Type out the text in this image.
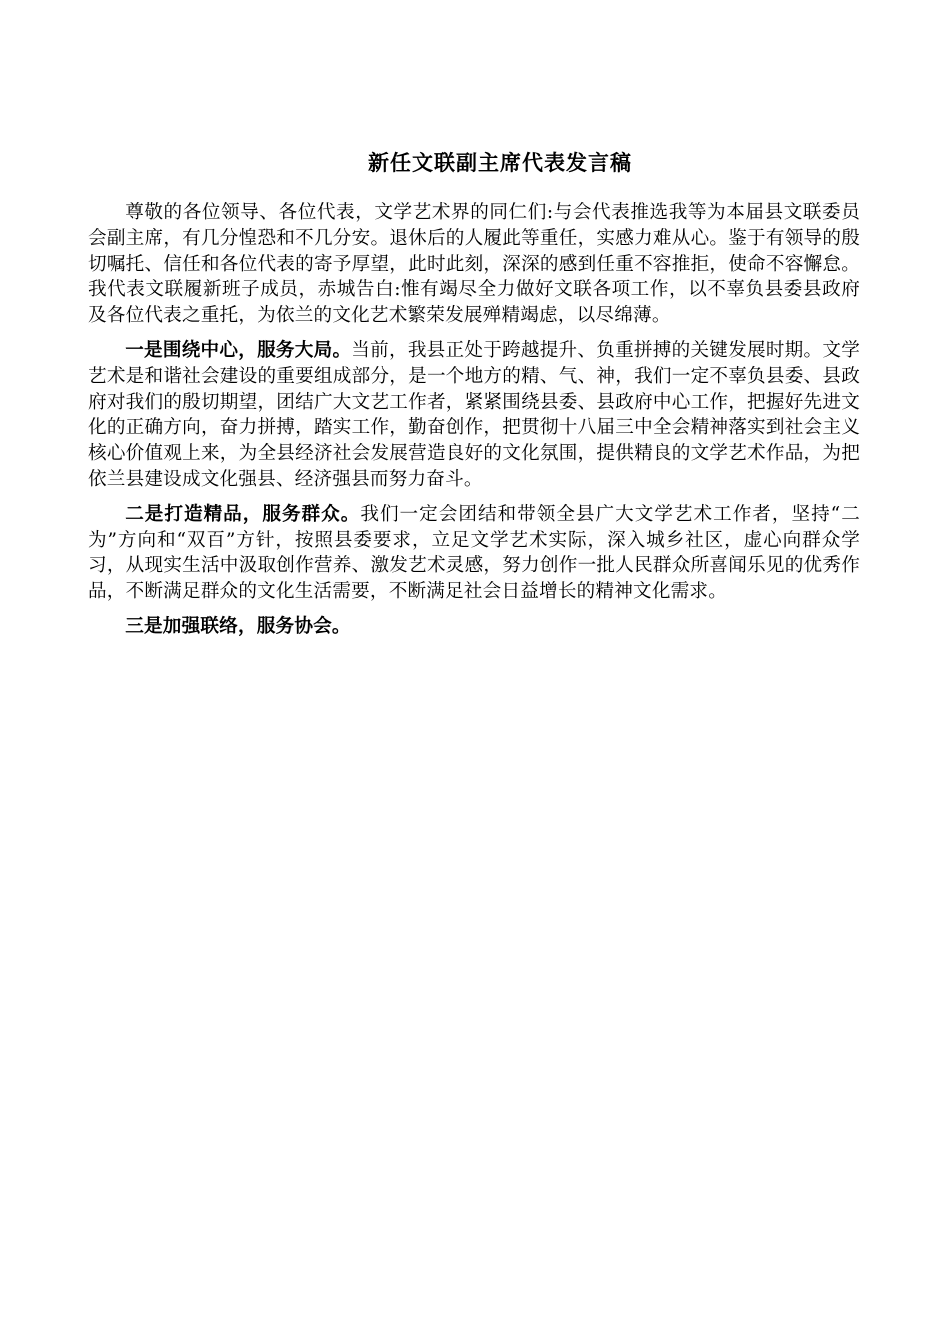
新任文联副主席代表发言稿

尊敬的各位领导、各位代表，文学艺术界的同仁们:与会代表推选我等为本届县文联委员会副主席，有几分惶恐和不几分安。退休后的人履此等重任，实感力难从心。鉴于有领导的殷切嘱托、信任和各位代表的寄予厚望，此时此刻，深深的感到任重不容推拒，使命不容懈怠。我代表文联履新班子成员，赤城告白:惟有竭尽全力做好文联各项工作，以不辜负县委县政府及各位代表之重托，为依兰的文化艺术繁荣发展殚精竭虑，以尽绵薄。

一是围绕中心，服务大局。当前，我县正处于跨越提升、负重拼搏的关键发展时期。文学艺术是和谐社会建设的重要组成部分，是一个地方的精、气、神，我们一定不辜负县委、县政府对我们的殷切期望，团结广大文艺工作者，紧紧围绕县委、县政府中心工作，把握好先进文化的正确方向，奋力拼搏，踏实工作，勤奋创作，把贯彻十八届三中全会精神落实到社会主义核心价值观上来，为全县经济社会发展营造良好的文化氛围，提供精良的文学艺术作品，为把依兰县建设成文化强县、经济强县而努力奋斗。

二是打造精品，服务群众。我们一定会团结和带领全县广大文学艺术工作者，坚持“二为”方向和“双百”方针，按照县委要求，立足文学艺术实际，深入城乡社区，虚心向群众学习，从现实生活中汲取创作营养、激发艺术灵感，努力创作一批人民群众所喜闻乐见的优秀作品，不断满足群众的文化生活需要，不断满足社会日益增长的精神文化需求。

三是加强联络，服务协会。
